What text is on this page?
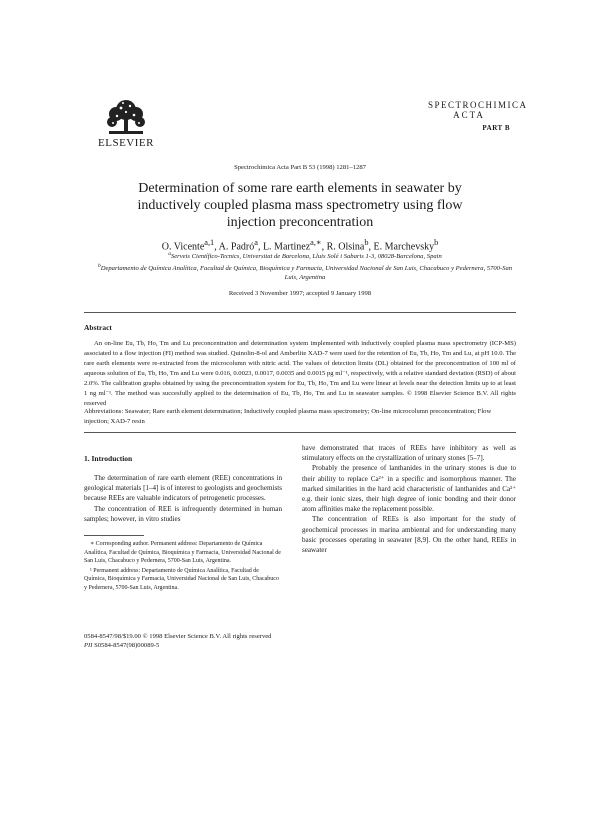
ELSEVIER
Spectrochimica Acta Part B 53 (1998) 1281–1287
SPECTROCHIMICA
ACTA
PART B
Determination of some rare earth elements in seawater by inductively coupled plasma mass spectrometry using flow injection preconcentration
O. Vicente$^{a,1}$, A. Padró$^a$, L. Martinez$^{a,∗}$, R. Olsina$^b$, E. Marchevsky$^b$
$^a$Serveis Científico-Tecnics, Universitat de Barcelona, Lluis Solé i Sabaris 1-3, 08028-Barcelona, Spain
$^b$Departamento de Química Analítica, Facultad de Química, Bioquímica y Farmacia, Universidad Nacional de San Luis, Chacabuco y Pedernera, 5700-San Luis, Argentina
Received 3 November 1997; accepted 9 January 1998
Abstract
An on-line Eu, Tb, Ho, Tm and Lu preconcentration and determination system implemented with inductively coupled plasma mass spectrometry (ICP-MS) associated to a flow injection (FI) method was studied. Quinolin-8-ol and Amberlite XAD-7 were used for the retention of Eu, Tb, Ho, Tm and Lu, at pH 10.0. The rare earth elements were re-extracted from the microcolumn with nitric acid. The values of detection limits (DL) obtained for the preconcentration of 100 ml of aqueous solution of Eu, Tb, Ho, Tm and Lu were 0.016, 0.0023, 0.0017, 0.0035 and 0.0015 pg ml⁻¹, respectively, with a relative standard deviation (RSD) of about 2.0%. The calibration graphs obtained by using the preconcentration system for Eu, Tb, Ho, Tm and Lu were linear at levels near the detection limits up to at least 1 ng ml⁻¹. The method was succesfully applied to the determination of Eu, Tb, Ho, Tm and Lu in seawater samples. © 1998 Elsevier Science B.V. All rights reserved
Abbreviations: Seawater; Rare earth element determination; Inductively coupled plasma mass spectrometry; On-line microcolumn preconcentration; Flow injection; XAD-7 resin
1. Introduction

The determination of rare earth element (REE) concentrations in geological materials [1–4] is of interest to geologists and geochemists because REEs are valuable indicators of petrogenetic processes.

The concentration of REE is infrequently determined in human samples; however, in vitro studies

∗ Corresponding author. Permanent address: Departamento de Química Analítica, Facultad de Química, Bioquímica y Farmacia, Universidad Nacional de San Luis, Chacabuco y Pedernera, 5700-San Luis, Argentina.

¹ Permanent address: Departamento de Química Analítica, Facultad de Química, Bioquímica y Farmacia, Universidad Nacional de San Luis, Chacabuco y Pedernera, 5700-San Luis, Argentina.

have demonstrated that traces of REEs have inhibitory as well as stimulatory effects on the crystallization of urinary stones [5–7].

Probably the presence of lanthanides in the urinary stones is due to their ability to replace Ca²⁺ in a specific and isomorphous manner. The marked similarities in the hard acid characteristic of lanthanides and Ca²⁺ e.g. their ionic sizes, their high degree of ionic bonding and their donor atom affinities make the replacement possible.

The concentration of REEs is also important for the study of geochemical processes in marina ambiental and for understanding many basic processes operating in seawater [8,9]. On the other hand, REEs in seawater

0584-8547/98/$19.00 © 1998 Elsevier Science B.V. All rights reserved
PII S0584-8547(98)00089-5
